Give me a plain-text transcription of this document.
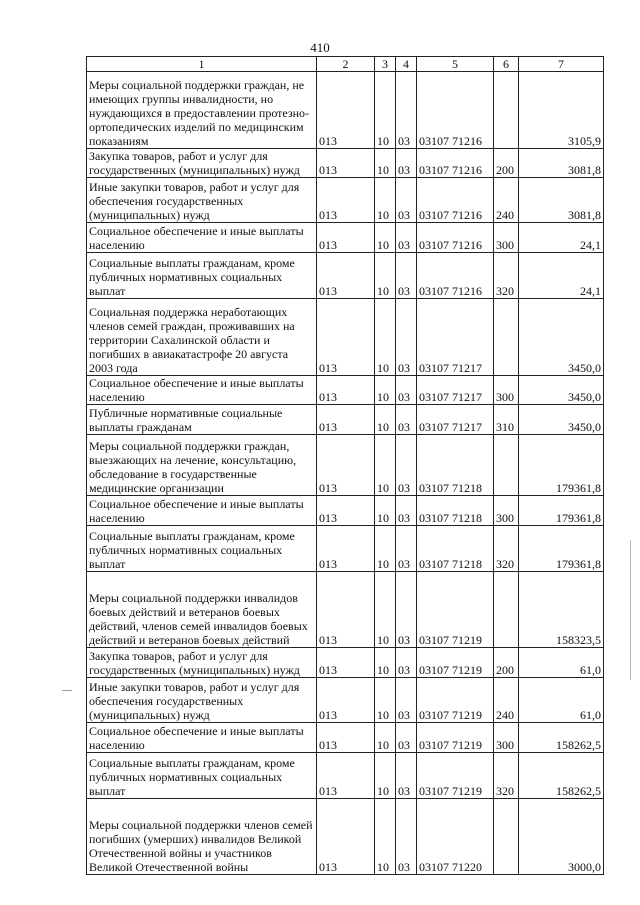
410
1	2	3	4	5	6	7
Меры социальной поддержки граждан, не имеющих группы инвалидности, но нуждающихся в предоставлении протезно-ортопедических изделий по медицинским показаниям	013	10	03	03107 71216		3105,9
Закупка товаров, работ и услуг для государственных (муниципальных) нужд	013	10	03	03107 71216	200	3081,8
Иные закупки товаров, работ и услуг для обеспечения государственных (муниципальных) нужд	013	10	03	03107 71216	240	3081,8
Социальное обеспечение и иные выплаты населению	013	10	03	03107 71216	300	24,1
Социальные выплаты гражданам, кроме публичных нормативных социальных выплат	013	10	03	03107 71216	320	24,1
Социальная поддержка неработающих членов семей граждан, проживавших на территории Сахалинской области и погибших в авиакатастрофе 20 августа 2003 года	013	10	03	03107 71217		3450,0
Социальное обеспечение и иные выплаты населению	013	10	03	03107 71217	300	3450,0
Публичные нормативные социальные выплаты гражданам	013	10	03	03107 71217	310	3450,0
Меры социальной поддержки граждан, выезжающих на лечение, консультацию, обследование в государственные медицинские организации	013	10	03	03107 71218		179361,8
Социальное обеспечение и иные выплаты населению	013	10	03	03107 71218	300	179361,8
Социальные выплаты гражданам, кроме публичных нормативных социальных выплат	013	10	03	03107 71218	320	179361,8
Меры социальной поддержки инвалидов боевых действий и ветеранов боевых действий, членов семей инвалидов боевых действий и ветеранов боевых действий	013	10	03	03107 71219		158323,5
Закупка товаров, работ и услуг для государственных (муниципальных) нужд	013	10	03	03107 71219	200	61,0
Иные закупки товаров, работ и услуг для обеспечения государственных (муниципальных) нужд	013	10	03	03107 71219	240	61,0
Социальное обеспечение и иные выплаты населению	013	10	03	03107 71219	300	158262,5
Социальные выплаты гражданам, кроме публичных нормативных социальных выплат	013	10	03	03107 71219	320	158262,5
Меры социальной поддержки членов семей погибших (умерших) инвалидов Великой Отечественной войны и участников Великой Отечественной войны	013	10	03	03107 71220		3000,0
